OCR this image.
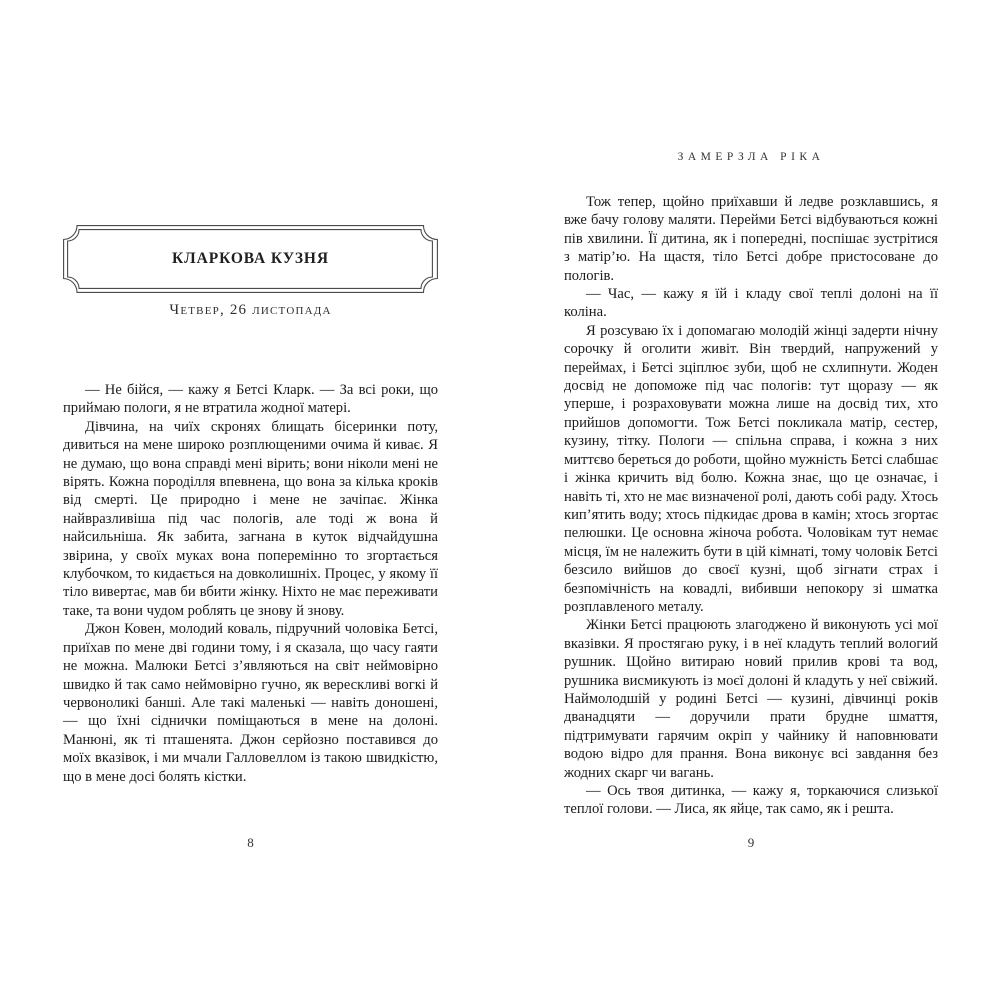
КЛАРКОВА КУЗНЯ
Четвер, 26 листопада

— Не бійся, — кажу я Бетсі Кларк. — За всі роки, що приймаю пологи, я не втратила жодної матері.

Дівчина, на чиїх скронях блищать бісеринки поту, дивиться на мене широко розплющеними очима й киває. Я не думаю, що вона справді мені вірить; вони ніколи мені не вірять. Кожна породілля впевнена, що вона за кілька кроків від смерті. Це природно і мене не зачіпає. Жінка найвразливіша під час пологів, але тоді ж вона й найсильніша. Як забита, загнана в куток відчайдушна звірина, у своїх муках вона поперемінно то згортається клубочком, то кидається на довколишніх. Процес, у якому її тіло вивертає, мав би вбити жінку. Ніхто не має переживати таке, та вони чудом роблять це знову й знову.

Джон Ковен, молодий коваль, підручний чоловіка Бетсі, приїхав по мене дві години тому, і я сказала, що часу гаяти не можна. Малюки Бетсі з’являються на світ неймовірно швидко й так само неймовірно гучно, як верескливі вогкі й червоноликі банші. Але такі маленькі — навіть доношені, — що їхні сіднички поміщаються в мене на долоні. Манюні, як ті пташенята. Джон серйозно поставився до моїх вказівок, і ми мчали Галловеллом із такою швидкістю, що в мене досі болять кістки.

8
ЗАМЕРЗЛА РІКА

Тож тепер, щойно приїхавши й ледве розклавшись, я вже бачу голову маляти. Перейми Бетсі відбуваються кожні пів хвилини. Її дитина, як і попередні, поспішає зустрітися з матір’ю. На щастя, тіло Бетсі добре пристосоване до пологів.

— Час, — кажу я їй і кладу свої теплі долоні на її коліна.

Я розсуваю їх і допомагаю молодій жінці задерти нічну сорочку й оголити живіт. Він твердий, напружений у переймах, і Бетсі зціплює зуби, щоб не схлипнути. Жоден досвід не допоможе під час пологів: тут щоразу — як уперше, і розраховувати можна лише на досвід тих, хто прийшов допомогти. Тож Бетсі покликала матір, сестер, кузину, тітку. Пологи — спільна справа, і кожна з них миттєво береться до роботи, щойно мужність Бетсі слабшає і жінка кричить від болю. Кожна знає, що це означає, і навіть ті, хто не має визначеної ролі, дають собі раду. Хтось кип’ятить воду; хтось підкидає дрова в камін; хтось згортає пелюшки. Це основна жіноча робота. Чоловікам тут немає місця, їм не належить бути в цій кімнаті, тому чоловік Бетсі безсило вийшов до своєї кузні, щоб зігнати страх і безпомічність на ковадлі, вибивши непокору зі шматка розплавленого металу.

Жінки Бетсі працюють злагоджено й виконують усі мої вказівки. Я простягаю руку, і в неї кладуть теплий вологий рушник. Щойно витираю новий прилив крові та вод, рушника висмикують із моєї долоні й кладуть у неї свіжий. Наймолодшій у родині Бетсі — кузині, дівчинці років дванадцяти — доручили прати брудне шмаття, підтримувати гарячим окріп у чайнику й наповнювати водою відро для прання. Вона виконує всі завдання без жодних скарг чи вагань.

— Ось твоя дитинка, — кажу я, торкаючися слизької теплої голови. — Лиса, як яйце, так само, як і решта.

9
